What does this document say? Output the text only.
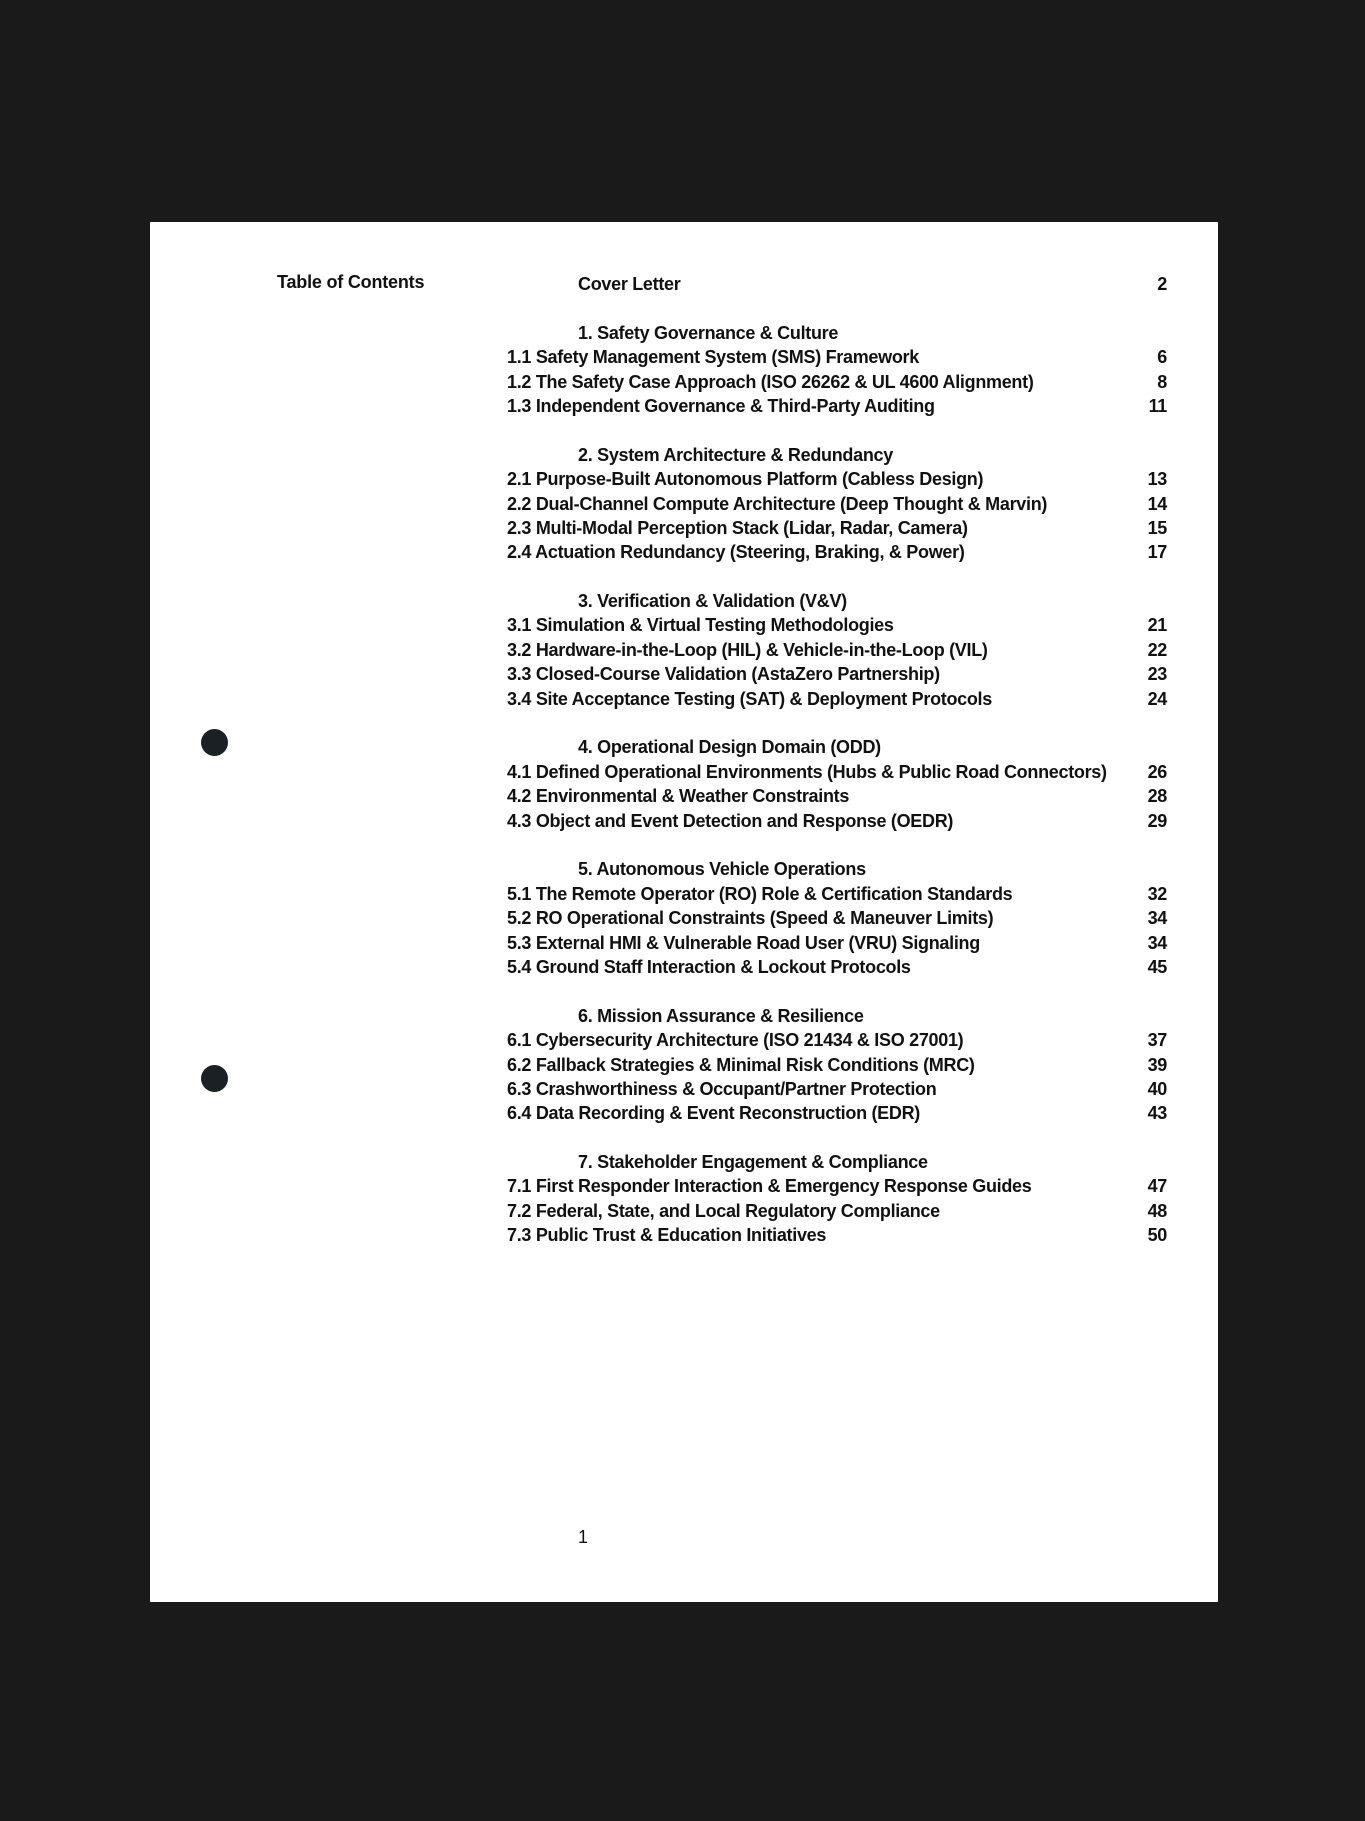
Table of Contents	Cover Letter	2
1. Safety Governance & Culture
1.1 Safety Management System (SMS) Framework	6
1.2 The Safety Case Approach (ISO 26262 & UL 4600 Alignment)	8
1.3 Independent Governance & Third-Party Auditing	11
2. System Architecture & Redundancy
2.1 Purpose-Built Autonomous Platform (Cabless Design)	13
2.2 Dual-Channel Compute Architecture (Deep Thought & Marvin)	14
2.3 Multi-Modal Perception Stack (Lidar, Radar, Camera)	15
2.4 Actuation Redundancy (Steering, Braking, & Power)	17
3. Verification & Validation (V&V)
3.1 Simulation & Virtual Testing Methodologies	21
3.2 Hardware-in-the-Loop (HIL) & Vehicle-in-the-Loop (VIL)	22
3.3 Closed-Course Validation (AstaZero Partnership)	23
3.4 Site Acceptance Testing (SAT) & Deployment Protocols	24
4. Operational Design Domain (ODD)
4.1 Defined Operational Environments (Hubs & Public Road Connectors) 26
4.2 Environmental & Weather Constraints	28
4.3 Object and Event Detection and Response (OEDR)	29
5. Autonomous Vehicle Operations
5.1 The Remote Operator (RO) Role & Certification Standards	32
5.2 RO Operational Constraints (Speed & Maneuver Limits)	34
5.3 External HMI & Vulnerable Road User (VRU) Signaling	34
5.4 Ground Staff Interaction & Lockout Protocols	45
6. Mission Assurance & Resilience
6.1 Cybersecurity Architecture (ISO 21434 & ISO 27001)	37
6.2 Fallback Strategies & Minimal Risk Conditions (MRC)	39
6.3 Crashworthiness & Occupant/Partner Protection	40
6.4 Data Recording & Event Reconstruction (EDR)	43
7. Stakeholder Engagement & Compliance
7.1 First Responder Interaction & Emergency Response Guides	47
7.2 Federal, State, and Local Regulatory Compliance	48
7.3 Public Trust & Education Initiatives	50
1
